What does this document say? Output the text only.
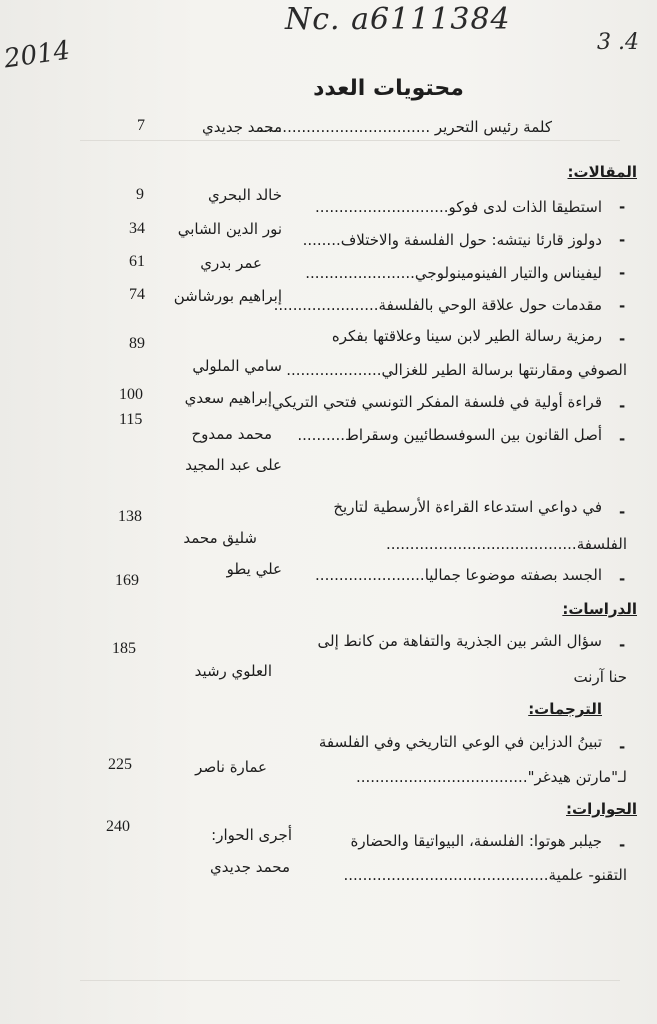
Nc. a6111384
2014	3 .4
محتويات العدد
كلمة رئيس التحرير ....................................
محمد جديدي
7
المقالات:
-
استطيقا الذات لدى فوكو............................
خالد البحري
9
-
دولوز قارئا نيتشه: حول الفلسفة والاختلاف........
نور الدين الشابي
34
-
ليفيناس والتيار الفينومينولوجي.......................
عمر بدري
61
-
مقدمات حول علاقة الوحي بالفلسفة......................
إبراهيم بورشاشن
74
-
رمزية رسالة الطير لابن سينا وعلاقتها بفكره
الصوفي ومقارنتها برسالة الطير للغزالي....................
سامي الملولي
89
-
قراءة أولية في فلسفة المفكر التونسي فتحي التريكي
إبراهيم سعدي
100
-
أصل القانون بين السوفسطائيين وسقراط..........
محمد ممدوح
على عبد المجيد
115
-
في دواعي استدعاء القراءة الأرسطية لتاريخ
الفلسفة........................................
شليق محمد
138
-
الجسد بصفته موضوعا جماليا.......................
علي يطو
169
الدراسات:
-
سؤال الشر بين الجذرية والتفاهة من كانط إلى
حنا آرنت
العلوي رشيد
185
الترجمات:
-
تبينُ الدزاين في الوعي التاريخي وفي الفلسفة
لـ"مارتن هيدغر"....................................
عمارة ناصر
225
الحوارات:
-
جيلبر هوتوا: الفلسفة، البيواتيقا والحضارة
التقنو- علمية...........................................
أجرى الحوار:
محمد جديدي
240
